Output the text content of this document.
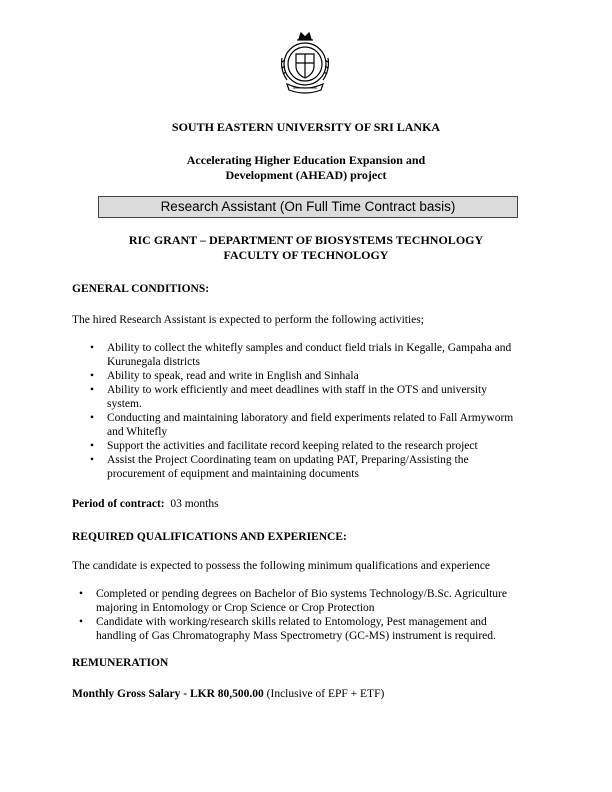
SOUTH EASTERN UNIVERSITY OF SRI LANKA
Accelerating Higher Education Expansion and
Development (AHEAD) project
Research Assistant (On Full Time Contract basis)
RIC GRANT – DEPARTMENT OF BIOSYSTEMS TECHNOLOGY
FACULTY OF TECHNOLOGY
GENERAL CONDITIONS:
The hired Research Assistant is expected to perform the following activities;
• Ability to collect the whitefly samples and conduct field trials in Kegalle, Gampaha and
Kurunegala districts
• Ability to speak, read and write in English and Sinhala
• Ability to work efficiently and meet deadlines with staff in the OTS and university
system.
• Conducting and maintaining laboratory and field experiments related to Fall Armyworm
and Whitefly
• Support the activities and facilitate record keeping related to the research project
• Assist the Project Coordinating team on updating PAT, Preparing/Assisting the
procurement of equipment and maintaining documents
Period of contract: 03 months
REQUIRED QUALIFICATIONS AND EXPERIENCE:
The candidate is expected to possess the following minimum qualifications and experience
• Completed or pending degrees on Bachelor of Bio systems Technology/B.Sc. Agriculture
majoring in Entomology or Crop Science or Crop Protection
• Candidate with working/research skills related to Entomology, Pest management and
handling of Gas Chromatography Mass Spectrometry (GC-MS) instrument is required.
REMUNERATION
Monthly Gross Salary - LKR 80,500.00 (Inclusive of EPF + ETF)
